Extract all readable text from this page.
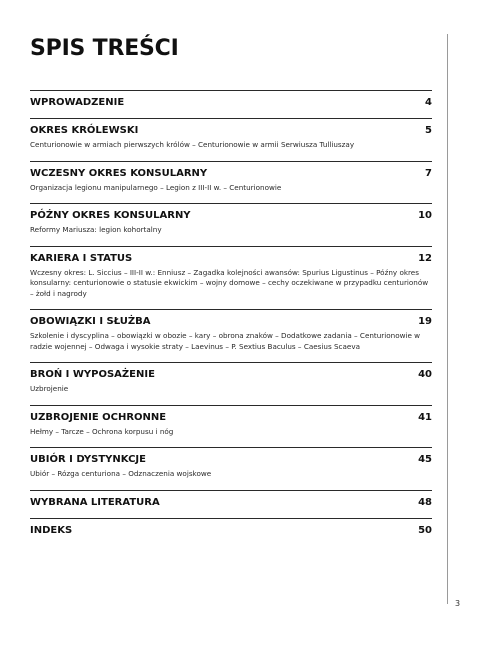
SPIS TREŚCI
WPROWADZENIE	4
OKRES KRÓLEWSKI	5
Centurionowie w armiach pierwszych królów – Centurionowie w armii Serwiusza Tulliuszay
WCZESNY OKRES KONSULARNY	7
Organizacja legionu manipularnego – Legion z III-II w. – Centurionowie
PÓŹNY OKRES KONSULARNY	10
Reformy Mariusza: legion kohortalny
KARIERA I STATUS	12
Wczesny okres: L. Siccius – III-II w.: Enniusz – Zagadka kolejności awansów: Spurius Ligustinus – Późny okres konsularny: centurionowie o statusie ekwickim – wojny domowe – cechy oczekiwane w przypadku centurionów – żołd i nagrody
OBOWIĄZKI I SŁUŻBA	19
Szkolenie i dyscyplina – obowiązki w obozie – kary – obrona znaków – Dodatkowe zadania – Centurionowie w radzie wojennej – Odwaga i wysokie straty – Laevinus – P. Sextius Baculus – Caesius Scaeva
BROŃ I WYPOSAŻENIE	40
Uzbrojenie
UZBROJENIE OCHRONNE	41
Hełmy – Tarcze – Ochrona korpusu i nóg
UBIÓR I DYSTYNKCJE	45
Ubiór – Rózga centuriona – Odznaczenia wojskowe
WYBRANA LITERATURA	48
INDEKS	50
3
